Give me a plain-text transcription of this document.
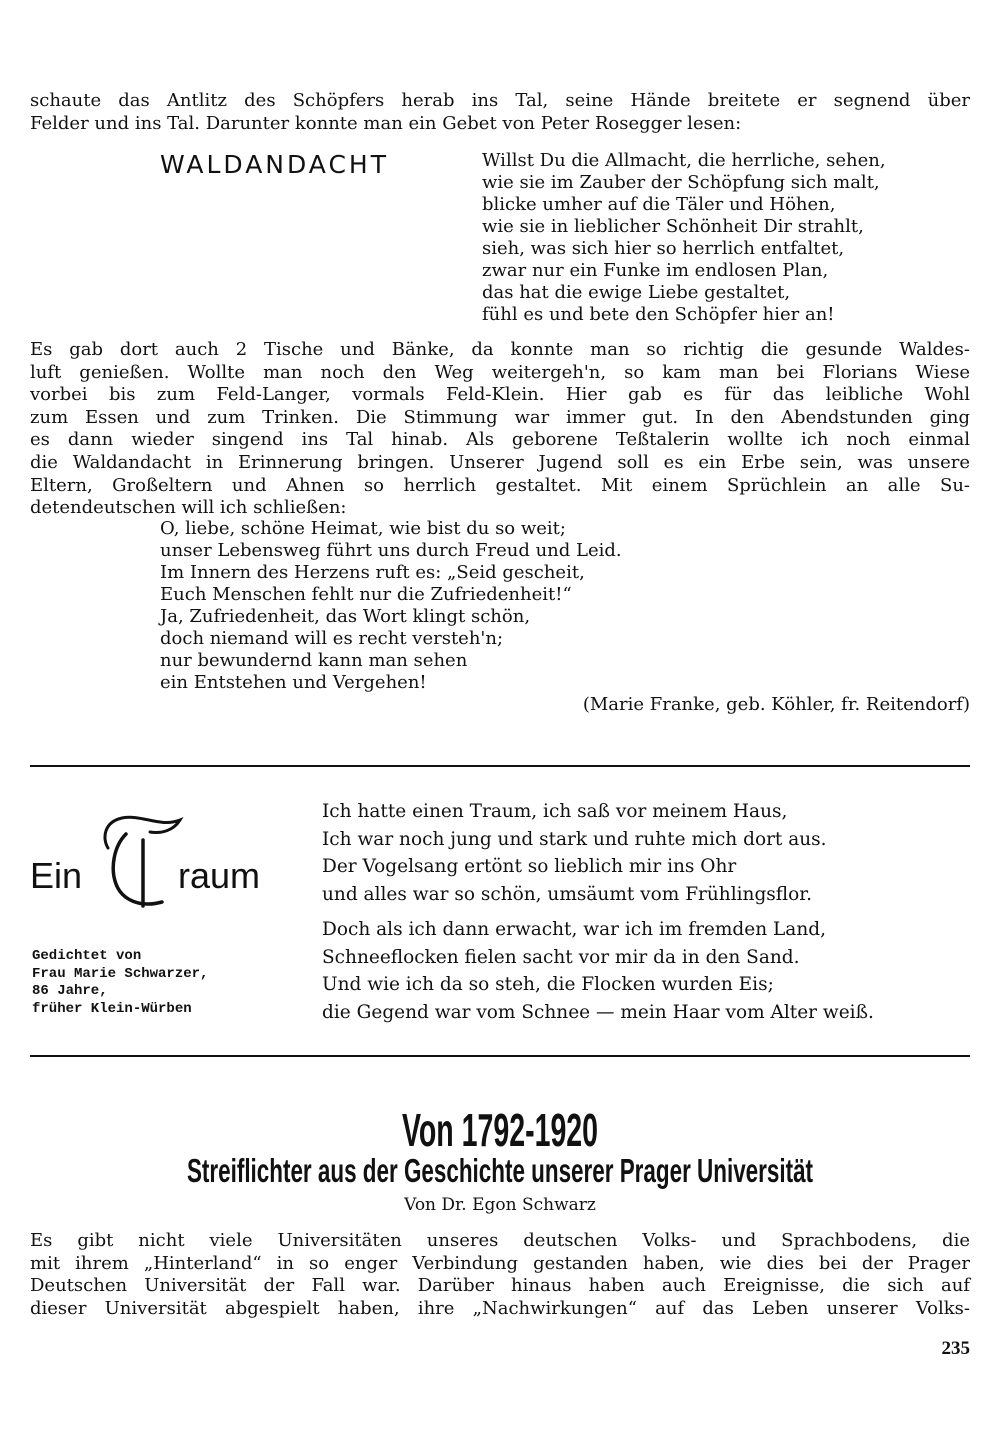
schaute das Antlitz des Schöpfers herab ins Tal, seine Hände breitete er segnend über
Felder und ins Tal. Darunter konnte man ein Gebet von Peter Rosegger lesen:
WALDANDACHT	Willst Du die Allmacht, die herrliche, sehen,
wie sie im Zauber der Schöpfung sich malt,
blicke umher auf die Täler und Höhen,
wie sie in lieblicher Schönheit Dir strahlt,
sieh, was sich hier so herrlich entfaltet,
zwar nur ein Funke im endlosen Plan,
das hat die ewige Liebe gestaltet,
fühl es und bete den Schöpfer hier an!
Es gab dort auch 2 Tische und Bänke, da konnte man so richtig die gesunde Waldes-
luft genießen. Wollte man noch den Weg weitergeh'n, so kam man bei Florians Wiese
vorbei bis zum Feld-Langer, vormals Feld-Klein. Hier gab es für das leibliche Wohl
zum Essen und zum Trinken. Die Stimmung war immer gut. In den Abendstunden ging
es dann wieder singend ins Tal hinab. Als geborene Teßtalerin wollte ich noch einmal
die Waldandacht in Erinnerung bringen. Unserer Jugend soll es ein Erbe sein, was unsere
Eltern, Großeltern und Ahnen so herrlich gestaltet. Mit einem Sprüchlein an alle Su-
detendeutschen will ich schließen:
O, liebe, schöne Heimat, wie bist du so weit;
unser Lebensweg führt uns durch Freud und Leid.
Im Innern des Herzens ruft es: „Seid gescheit,
Euch Menschen fehlt nur die Zufriedenheit!“
Ja, Zufriedenheit, das Wort klingt schön,
doch niemand will es recht versteh'n;
nur bewundernd kann man sehen
ein Entstehen und Vergehen!
(Marie Franke, geb. Köhler, fr. Reitendorf)
Ein	raum
Gedichtet von
Frau Marie Schwarzer,
86 Jahre,
früher Klein-Würben
Ich hatte einen Traum, ich saß vor meinem Haus,
Ich war noch jung und stark und ruhte mich dort aus.
Der Vogelsang ertönt so lieblich mir ins Ohr
und alles war so schön, umsäumt vom Frühlingsflor.
Doch als ich dann erwacht, war ich im fremden Land,
Schneeflocken fielen sacht vor mir da in den Sand.
Und wie ich da so steh, die Flocken wurden Eis;
die Gegend war vom Schnee — mein Haar vom Alter weiß.
Von 1792-1920
Streiflichter aus der Geschichte unserer Prager Universität
Von Dr. Egon Schwarz
Es gibt nicht viele Universitäten unseres deutschen Volks- und Sprachbodens, die
mit ihrem „Hinterland“ in so enger Verbindung gestanden haben, wie dies bei der Prager
Deutschen Universität der Fall war. Darüber hinaus haben auch Ereignisse, die sich auf
dieser Universität abgespielt haben, ihre „Nachwirkungen“ auf das Leben unserer Volks-
235
